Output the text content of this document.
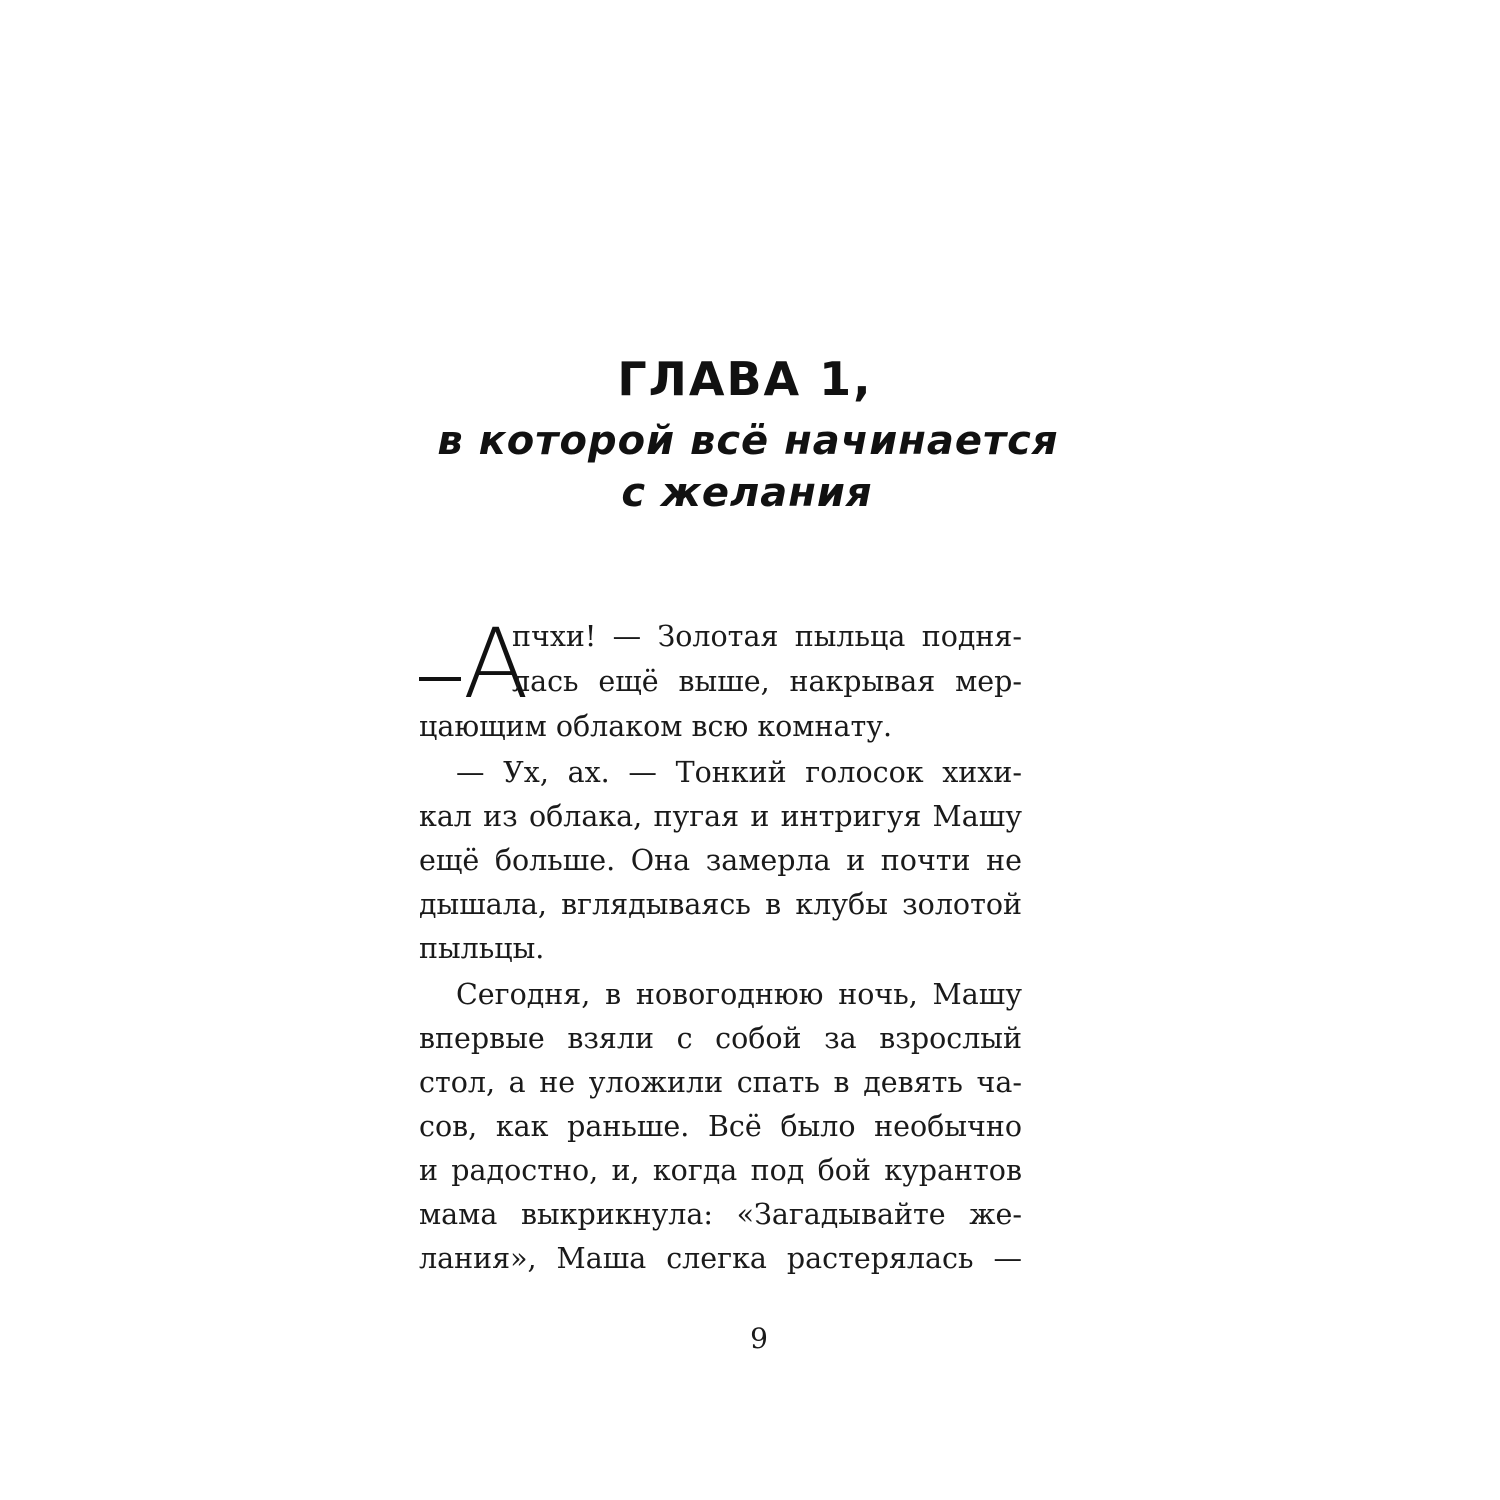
ГЛАВА 1,
в которой всё начинается
с желания
А
пчхи! — Золотая пыльца подня-
лась ещё выше, накрывая мер-
цающим облаком всю комнату.
— Ух, ах. — Тонкий голосок хихи-
кал из облака, пугая и интригуя Машу
ещё больше. Она замерла и почти не
дышала, вглядываясь в клубы золотой
пыльцы.
Сегодня, в новогоднюю ночь, Машу
впервые взяли с собой за взрослый
стол, а не уложили спать в девять ча-
сов, как раньше. Всё было необычно
и радостно, и, когда под бой курантов
мама выкрикнула: «Загадывайте же-
лания», Маша слегка растерялась —
9
